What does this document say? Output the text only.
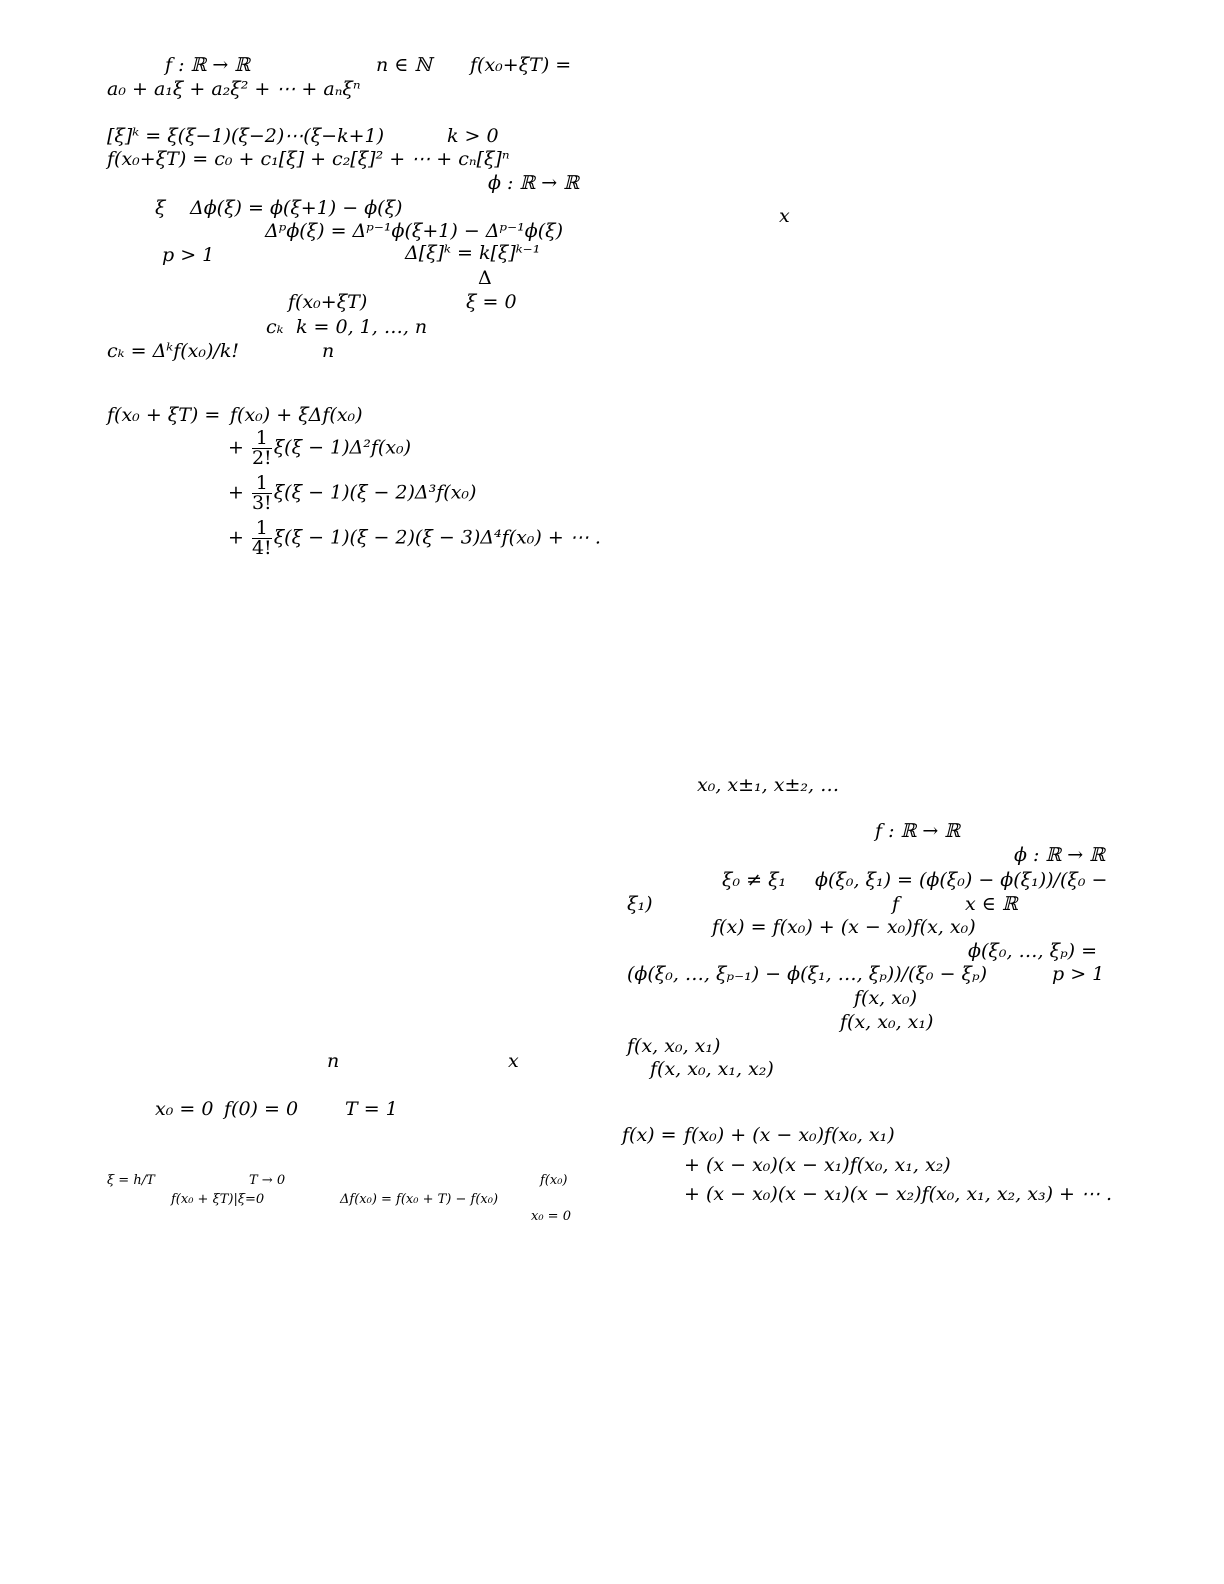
f : ℝ → ℝ	n ∈ ℕ f(x₀+ξT) =
a₀ + a₁ξ + a₂ξ² + ⋯ + aₙξⁿ
[ξ]ᵏ = ξ(ξ−1)(ξ−2)⋯(ξ−k+1)	k > 0
f(x₀+ξT) = c₀ + c₁[ξ] + c₂[ξ]² + ⋯ + cₙ[ξ]ⁿ
ϕ : ℝ → ℝ
ξ Δϕ(ξ) = ϕ(ξ+1) − ϕ(ξ)
Δᵖϕ(ξ) = Δᵖ⁻¹ϕ(ξ+1) − Δᵖ⁻¹ϕ(ξ)
p > 1	Δ[ξ]ᵏ = k[ξ]ᵏ⁻¹
Δ
f(x₀+ξT)	ξ = 0
cₖ k = 0, 1, …, n
cₖ = Δᵏf(x₀)/k!	n
f(x₀ + ξT) = f(x₀) + ξΔf(x₀)
+ $\frac{1}{2!} \xi(\xi - 1)\Delta^2f(x_0)$
+ $\frac{1}{3!} \xi(\xi - 1)(\xi - 2)\Delta^3f(x_0)$
+ $\frac{1}{4!} \xi(\xi - 1)(\xi - 2)(\xi - 3)\Delta^4f(x_0)$ + ⋯ .
n	x
x₀ = 0 f(0) = 0 T = 1
ξ = h/T	T → 0	f(x₀)
f(x₀ + ξT)|ξ=0	Δf(x₀) = f(x₀ + T) − f(x₀)
x₀ = 0
x
x₀, x±₁, x±₂, …
f : ℝ → ℝ
ϕ : ℝ → ℝ
ξ₀ ≠ ξ₁ ϕ(ξ₀, ξ₁) = (ϕ(ξ₀) − ϕ(ξ₁))/(ξ₀ −
ξ₁)	f	x ∈ ℝ
f(x) = f(x₀) + (x − x₀)f(x, x₀)
ϕ(ξ₀, …, ξₚ) =
(ϕ(ξ₀, …, ξₚ₋₁) − ϕ(ξ₁, …, ξₚ))/(ξ₀ − ξₚ)	p > 1
f(x, x₀)
f(x, x₀, x₁)
f(x, x₀, x₁)
f(x, x₀, x₁, x₂)
f(x) = f(x₀) + (x − x₀)f(x₀, x₁)
+ (x − x₀)(x − x₁)f(x₀, x₁, x₂)
+ (x − x₀)(x − x₁)(x − x₂)f(x₀, x₁, x₂, x₃) + ⋯ .
